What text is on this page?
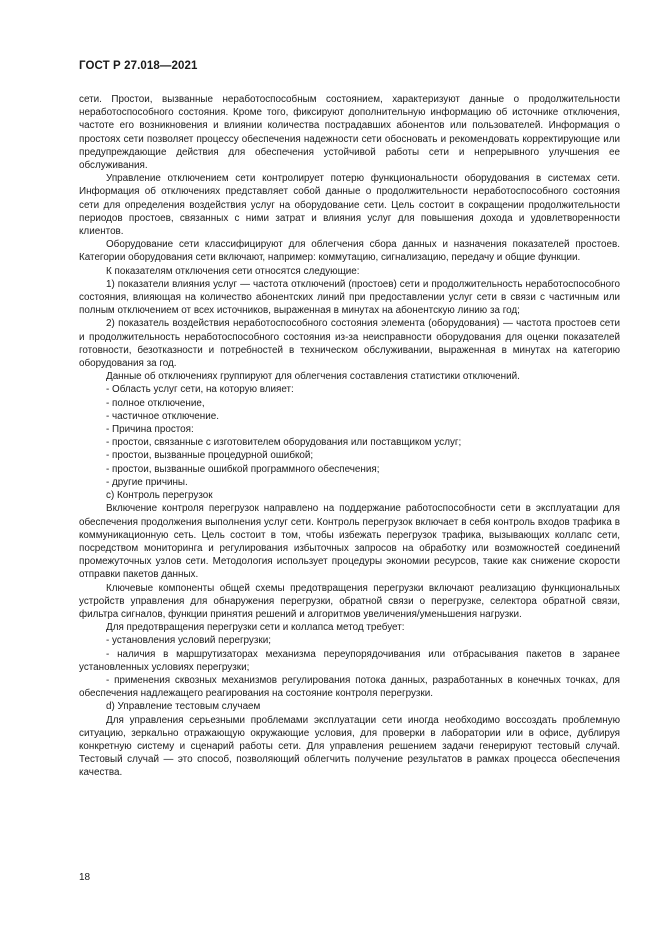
ГОСТ Р 27.018—2021

сети. Простои, вызванные неработоспособным состоянием, характеризуют данные о продолжительности неработоспособного состояния. Кроме того, фиксируют дополнительную информацию об источнике отключения, частоте его возникновения и влиянии количества пострадавших абонентов или пользователей. Информация о простоях сети позволяет процессу обеспечения надежности сети обосновать и рекомендовать корректирующие или предупреждающие действия для обеспечения устойчивой работы сети и непрерывного улучшения ее обслуживания.

Управление отключением сети контролирует потерю функциональности оборудования в системах сети. Информация об отключениях представляет собой данные о продолжительности неработоспособного состояния сети для определения воздействия услуг на оборудование сети. Цель состоит в сокращении продолжительности периодов простоев, связанных с ними затрат и влияния услуг для повышения дохода и удовлетворенности клиентов.

Оборудование сети классифицируют для облегчения сбора данных и назначения показателей простоев. Категории оборудования сети включают, например: коммутацию, сигнализацию, передачу и общие функции.

К показателям отключения сети относятся следующие:

1) показатели влияния услуг — частота отключений (простоев) сети и продолжительность неработоспособного состояния, влияющая на количество абонентских линий при предоставлении услуг сети в связи с частичным или полным отключением от всех источников, выраженная в минутах на абонентскую линию за год;

2) показатель воздействия неработоспособного состояния элемента (оборудования) — частота простоев сети и продолжительность неработоспособного состояния из-за неисправности оборудования для оценки показателей готовности, безотказности и потребностей в техническом обслуживании, выраженная в минутах на категорию оборудования за год.

Данные об отключениях группируют для облегчения составления статистики отключений.

- Область услуг сети, на которую влияет:

- полное отключение,

- частичное отключение.

- Причина простоя:

- простои, связанные с изготовителем оборудования или поставщиком услуг;

- простои, вызванные процедурной ошибкой;

- простои, вызванные ошибкой программного обеспечения;

- другие причины.

c) Контроль перегрузок

Включение контроля перегрузок направлено на поддержание работоспособности сети в эксплуатации для обеспечения продолжения выполнения услуг сети. Контроль перегрузок включает в себя контроль входов трафика в коммуникационную сеть. Цель состоит в том, чтобы избежать перегрузок трафика, вызывающих коллапс сети, посредством мониторинга и регулирования избыточных запросов на обработку или возможностей соединений промежуточных узлов сети. Методология использует процедуры экономии ресурсов, такие как снижение скорости отправки пакетов данных.

Ключевые компоненты общей схемы предотвращения перегрузки включают реализацию функциональных устройств управления для обнаружения перегрузки, обратной связи о перегрузке, селектора обратной связи, фильтра сигналов, функции принятия решений и алгоритмов увеличения/уменьшения нагрузки.

Для предотвращения перегрузки сети и коллапса метод требует:

- установления условий перегрузки;

- наличия в маршрутизаторах механизма переупорядочивания или отбрасывания пакетов в заранее установленных условиях перегрузки;

- применения сквозных механизмов регулирования потока данных, разработанных в конечных точках, для обеспечения надлежащего реагирования на состояние контроля перегрузки.

d) Управление тестовым случаем

Для управления серьезными проблемами эксплуатации сети иногда необходимо воссоздать проблемную ситуацию, зеркально отражающую окружающие условия, для проверки в лаборатории или в офисе, дублируя конкретную систему и сценарий работы сети. Для управления решением задачи генерируют тестовый случай. Тестовый случай — это способ, позволяющий облегчить получение результатов в рамках процесса обеспечения качества.

18
